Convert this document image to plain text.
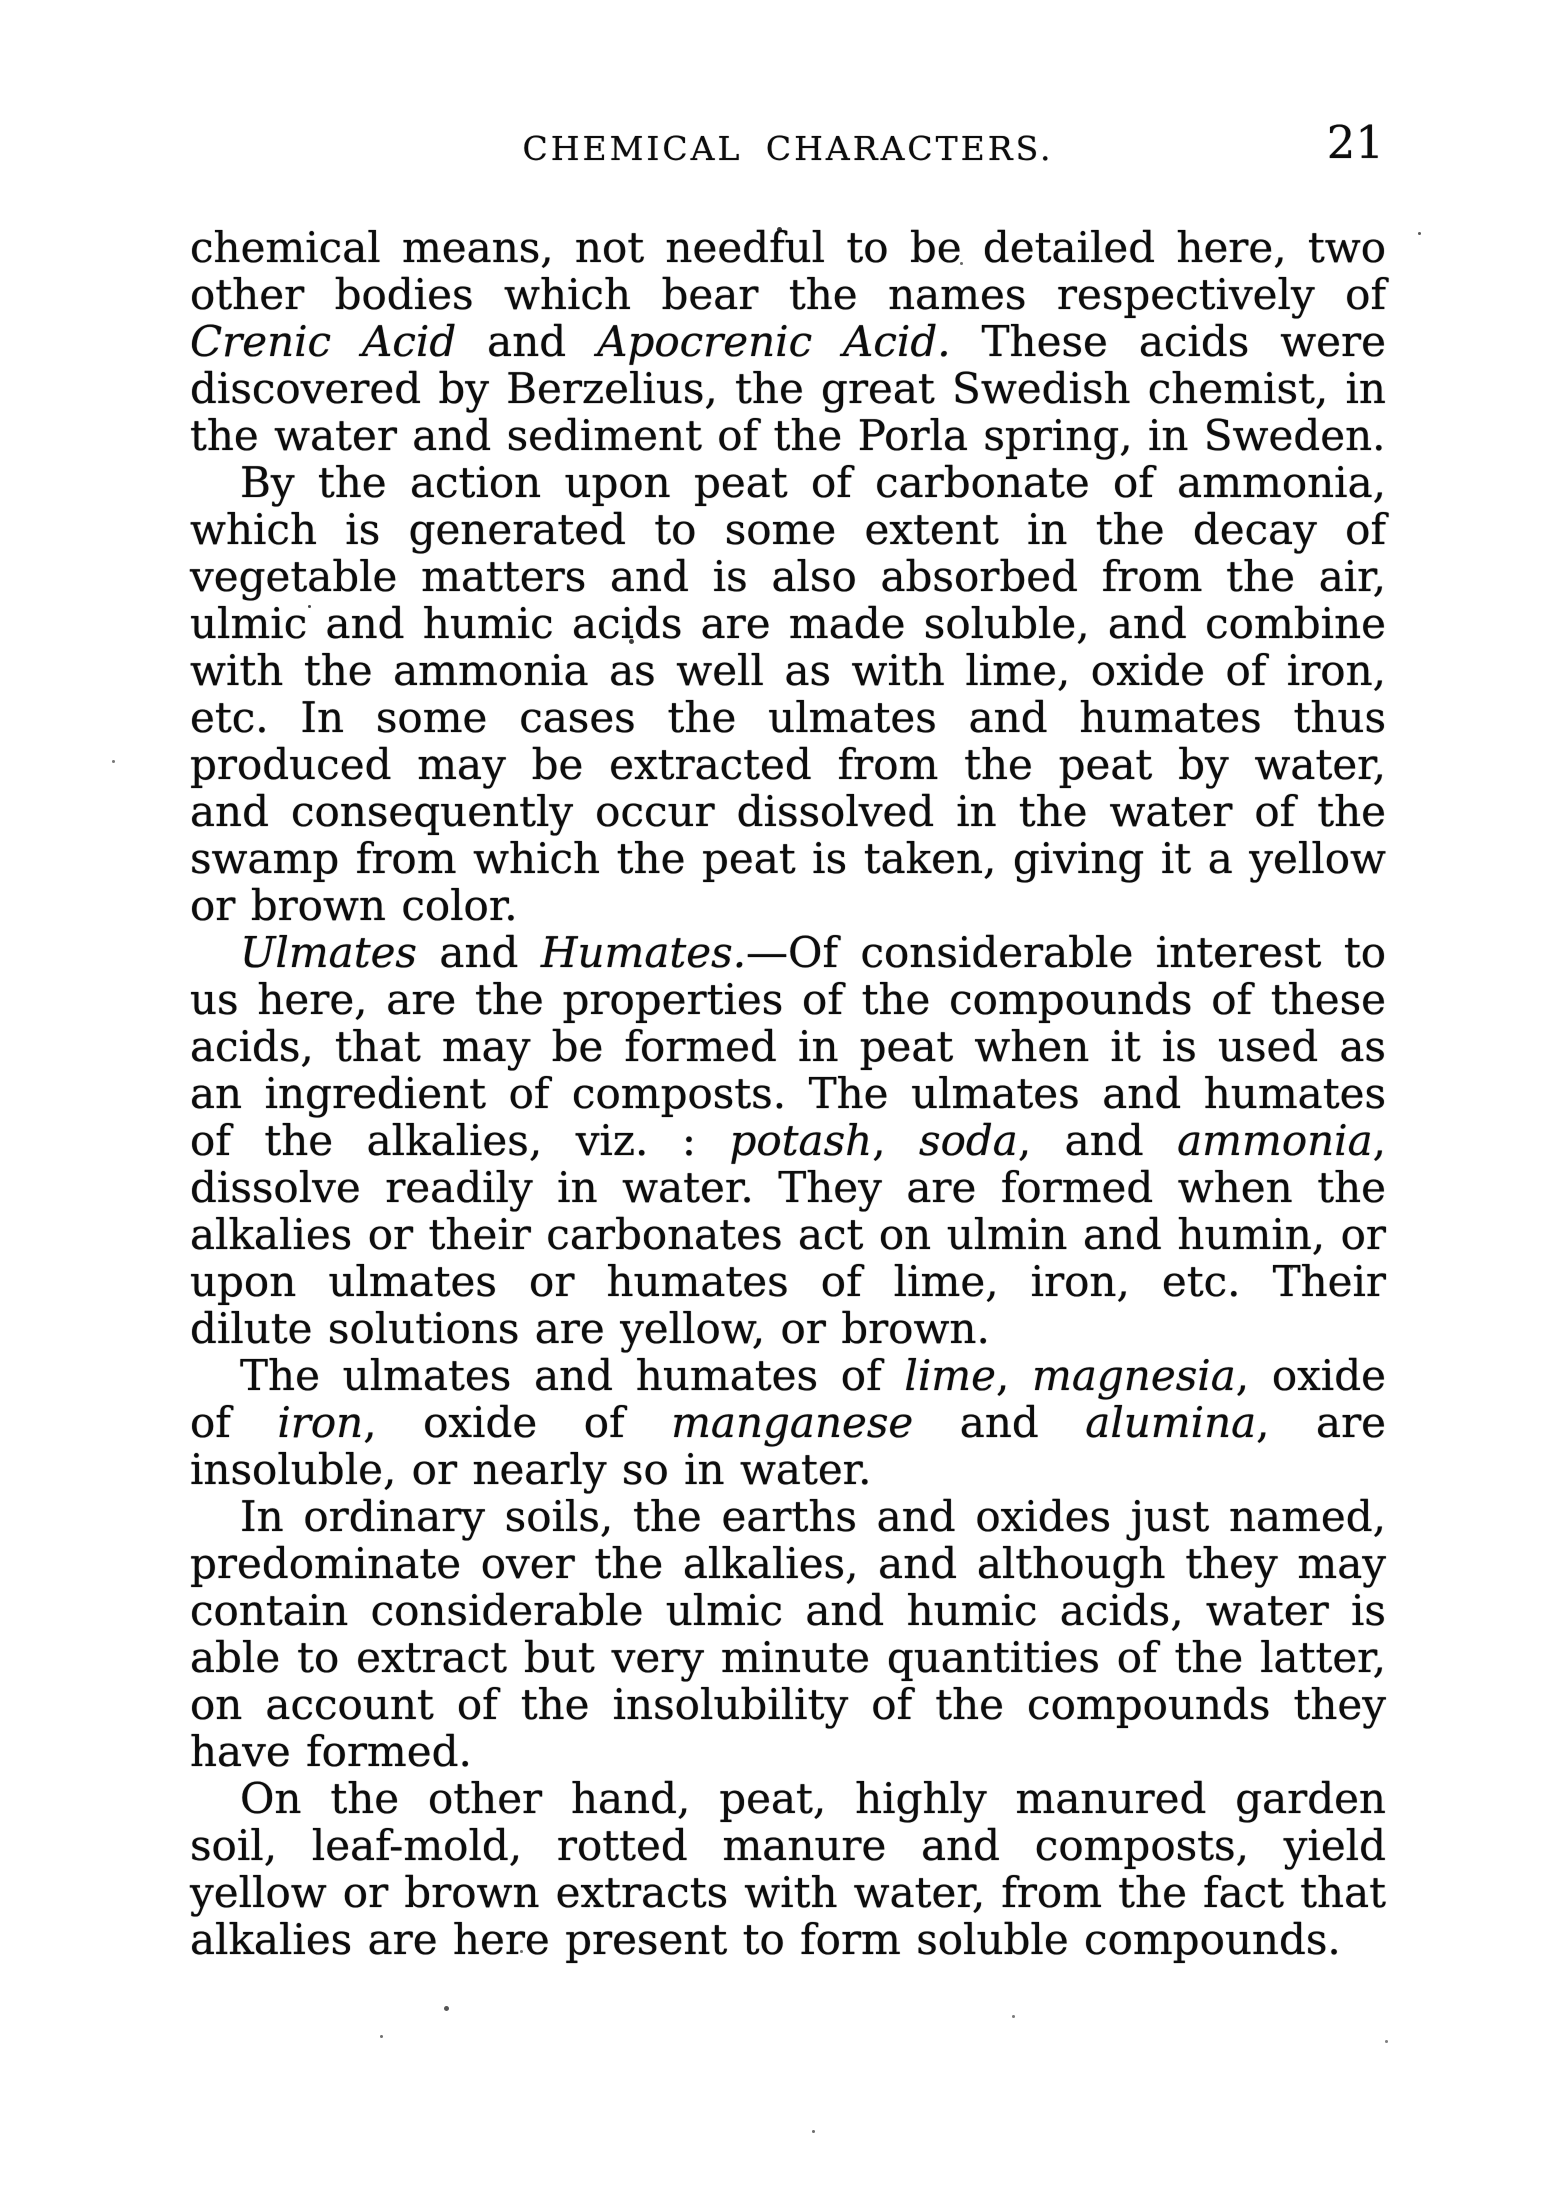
CHEMICAL CHARACTERS.	21

chemical means, not needful to be detailed here, two other bodies which bear the names respectively of Crenic Acid and Apocrenic Acid. These acids were discovered by Berzelius, the great Swedish chemist, in the water and sediment of the Porla spring, in Sweden.

By the action upon peat of carbonate of ammonia, which is generated to some extent in the decay of vegetable matters and is also absorbed from the air, ulmic and humic acids are made soluble, and combine with the ammonia as well as with lime, oxide of iron, etc. In some cases the ulmates and humates thus produced may be extracted from the peat by water, and consequently occur dissolved in the water of the swamp from which the peat is taken, giving it a yellow or brown color.

Ulmates and Humates.—Of considerable interest to us here, are the properties of the compounds of these acids, that may be formed in peat when it is used as an ingredient of composts. The ulmates and humates of the alkalies, viz. : potash, soda, and ammonia, dissolve readily in water. They are formed when the alkalies or their carbonates act on ulmin and humin, or upon ulmates or humates of lime, iron, etc. Their dilute solutions are yellow, or brown.

The ulmates and humates of lime, magnesia, oxide of iron, oxide of manganese and alumina, are insoluble, or nearly so in water.

In ordinary soils, the earths and oxides just named, predominate over the alkalies, and although they may contain considerable ulmic and humic acids, water is able to extract but very minute quantities of the latter, on account of the insolubility of the compounds they have formed.

On the other hand, peat, highly manured garden soil, leaf-mold, rotted manure and composts, yield yellow or brown extracts with water, from the fact that alkalies are here present to form soluble compounds.
